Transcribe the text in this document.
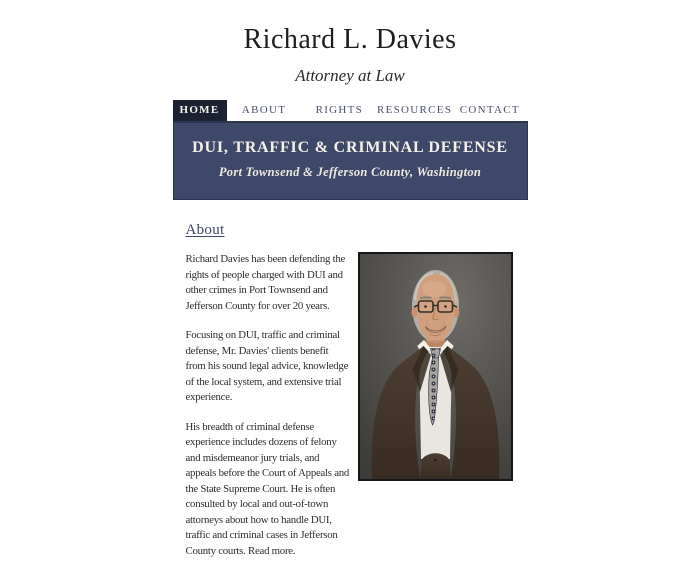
Richard L. Davies
Attorney at Law
HOME	ABOUT	RIGHTS	RESOURCES CONTACT
DUI, TRAFFIC & CRIMINAL DEFENSE
Port Townsend & Jefferson County, Washington
About

Richard Davies has been defending the rights of people charged with DUI and other crimes in Port Townsend and Jefferson County for over 20 years.

Focusing on DUI, traffic and criminal defense, Mr. Davies' clients benefit from his sound legal advice, knowledge of the local system, and extensive trial experience.

His breadth of criminal defense experience includes dozens of felony and misdemeanor jury trials, and appeals before the Court of Appeals and the State Supreme Court. He is often consulted by local and out-of-town attorneys about how to handle DUI, traffic and criminal cases in Jefferson County courts. Read more.
